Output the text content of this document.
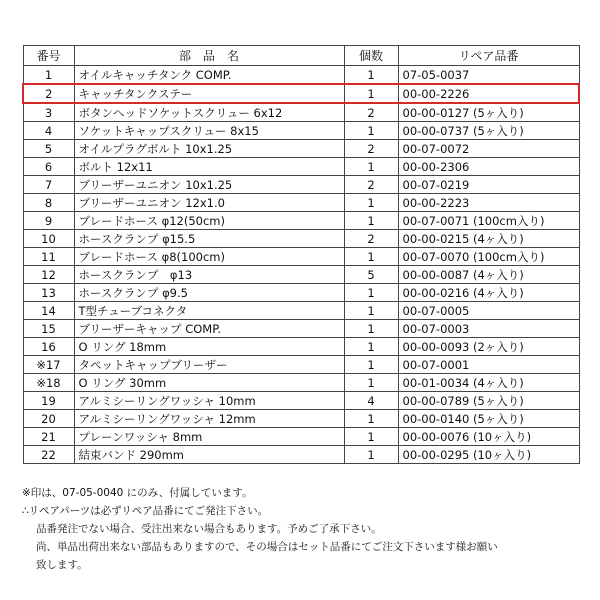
番号	部　品　名	個数	リペア品番
1	オイルキャッチタンク COMP.	1	07-05-0037
2	キャッチタンクステー	1	00-00-2226
3	ボタンヘッドソケットスクリュー 6x12	2	00-00-0127 (5ヶ入り)
4	ソケットキャップスクリュー 8x15	1	00-00-0737 (5ヶ入り)
5	オイルプラグボルト 10x1.25	2	00-07-0072
6	ボルト 12x11	1	00-00-2306
7	ブリーザーユニオン 10x1.25	2	00-07-0219
8	ブリーザーユニオン 12x1.0	1	00-00-2223
9	ブレードホース φ12(50cm)	1	00-07-0071 (100cm入り)
10	ホースクランプ φ15.5	2	00-00-0215 (4ヶ入り)
11	ブレードホース φ8(100cm)	1	00-07-0070 (100cm入り)
12	ホースクランプ　φ13	5	00-00-0087 (4ヶ入り)
13	ホースクランプ φ9.5	1	00-00-0216 (4ヶ入り)
14	T型チューブコネクタ	1	00-07-0005
15	ブリーザーキャップ COMP.	1	00-07-0003
16	O リング 18mm	1	00-00-0093 (2ヶ入り)
※17	タペットキャップブリーザー	1	00-07-0001
※18	O リング 30mm	1	00-01-0034 (4ヶ入り)
19	アルミシーリングワッシャ 10mm	4	00-00-0789 (5ヶ入り)
20	アルミシーリングワッシャ 12mm	1	00-00-0140 (5ヶ入り)
21	プレーンワッシャ 8mm	1	00-00-0076 (10ヶ入り)
22	結束バンド 290mm	1	00-00-0295 (10ヶ入り)
※印は、07-05-0040 にのみ、付属しています。
∴リペアパーツは必ずリペア品番にてご発注下さい。
品番発注でない場合、受注出来ない場合もあります。予めご了承下さい。
尚、単品出荷出来ない部品もありますので、その場合はセット品番にてご注文下さいます様お願い
致します。
